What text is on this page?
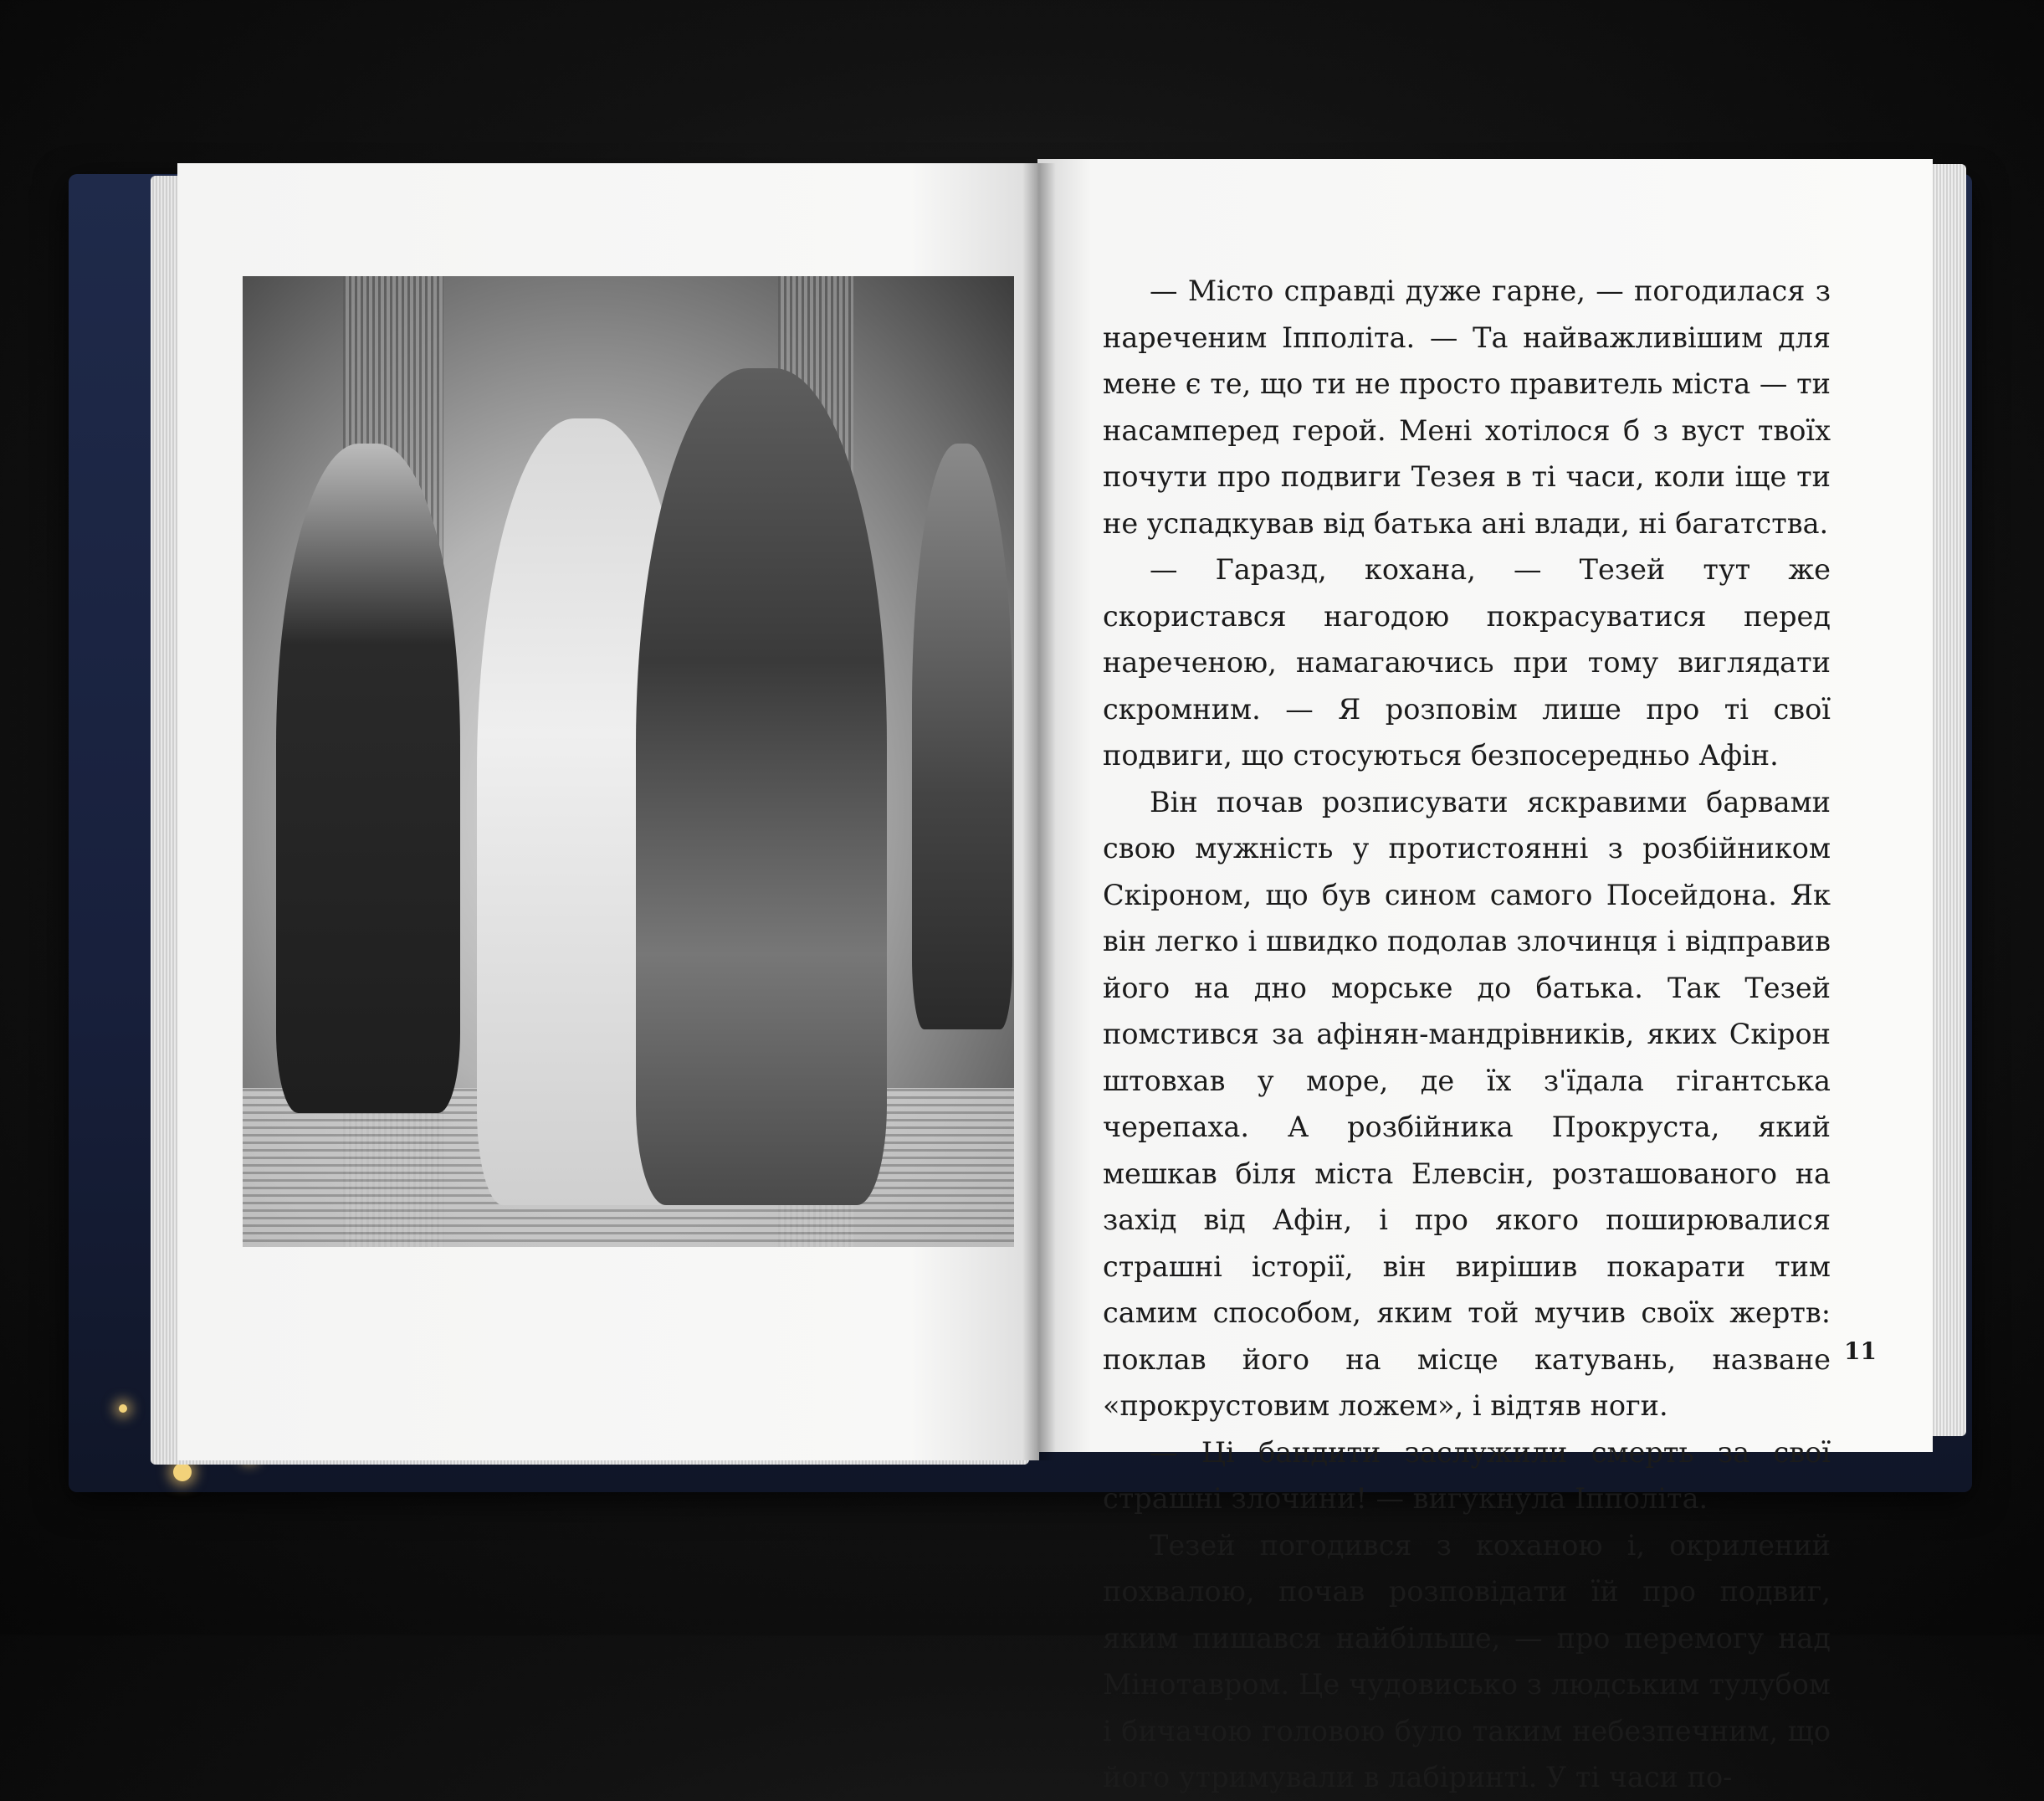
— Місто справді дуже гарне, — погодилася з нареченим Іпполіта. — Та найважливішим для мене є те, що ти не просто правитель міста — ти насамперед герой. Мені хотілося б з вуст твоїх почути про подвиги Тезея в ті часи, коли іще ти не успадкував від батька ані влади, ні багатства.

— Гаразд, кохана, — Тезей тут же скористався нагодою покрасуватися перед нареченою, намагаючись при тому виглядати скромним. — Я розповім лише про ті свої подвиги, що стосуються безпосередньо Афін.

Він почав розписувати яскравими барвами свою мужність у протистоянні з розбійником Скіроном, що був сином самого Посейдона. Як він легко і швидко подолав злочинця і відправив його на дно морське до батька. Так Тезей помстився за афінян-мандрівників, яких Скірон штовхав у море, де їх з'їдала гігантська черепаха. А розбійника Прокруста, який мешкав біля міста Елевсін, розташованого на захід від Афін, і про якого поширювалися страшні історії, він вирішив покарати тим самим способом, яким той мучив своїх жертв: поклав його на місце катувань, назване «прокрустовим ложем», і відтяв ноги.

— Ці бандити заслужили смерть за свої страшні злочини! — вигукнула Іпполіта.

Тезей погодився з коханою і, окрилений похвалою, почав розповідати їй про подвиг, яким пишався найбільше, — про перемогу над Мінотавром. Це чудовисько з людським тулубом і бичачою головою було таким небезпечним, що його утримували в лабіринті. У ті часи по-

11
